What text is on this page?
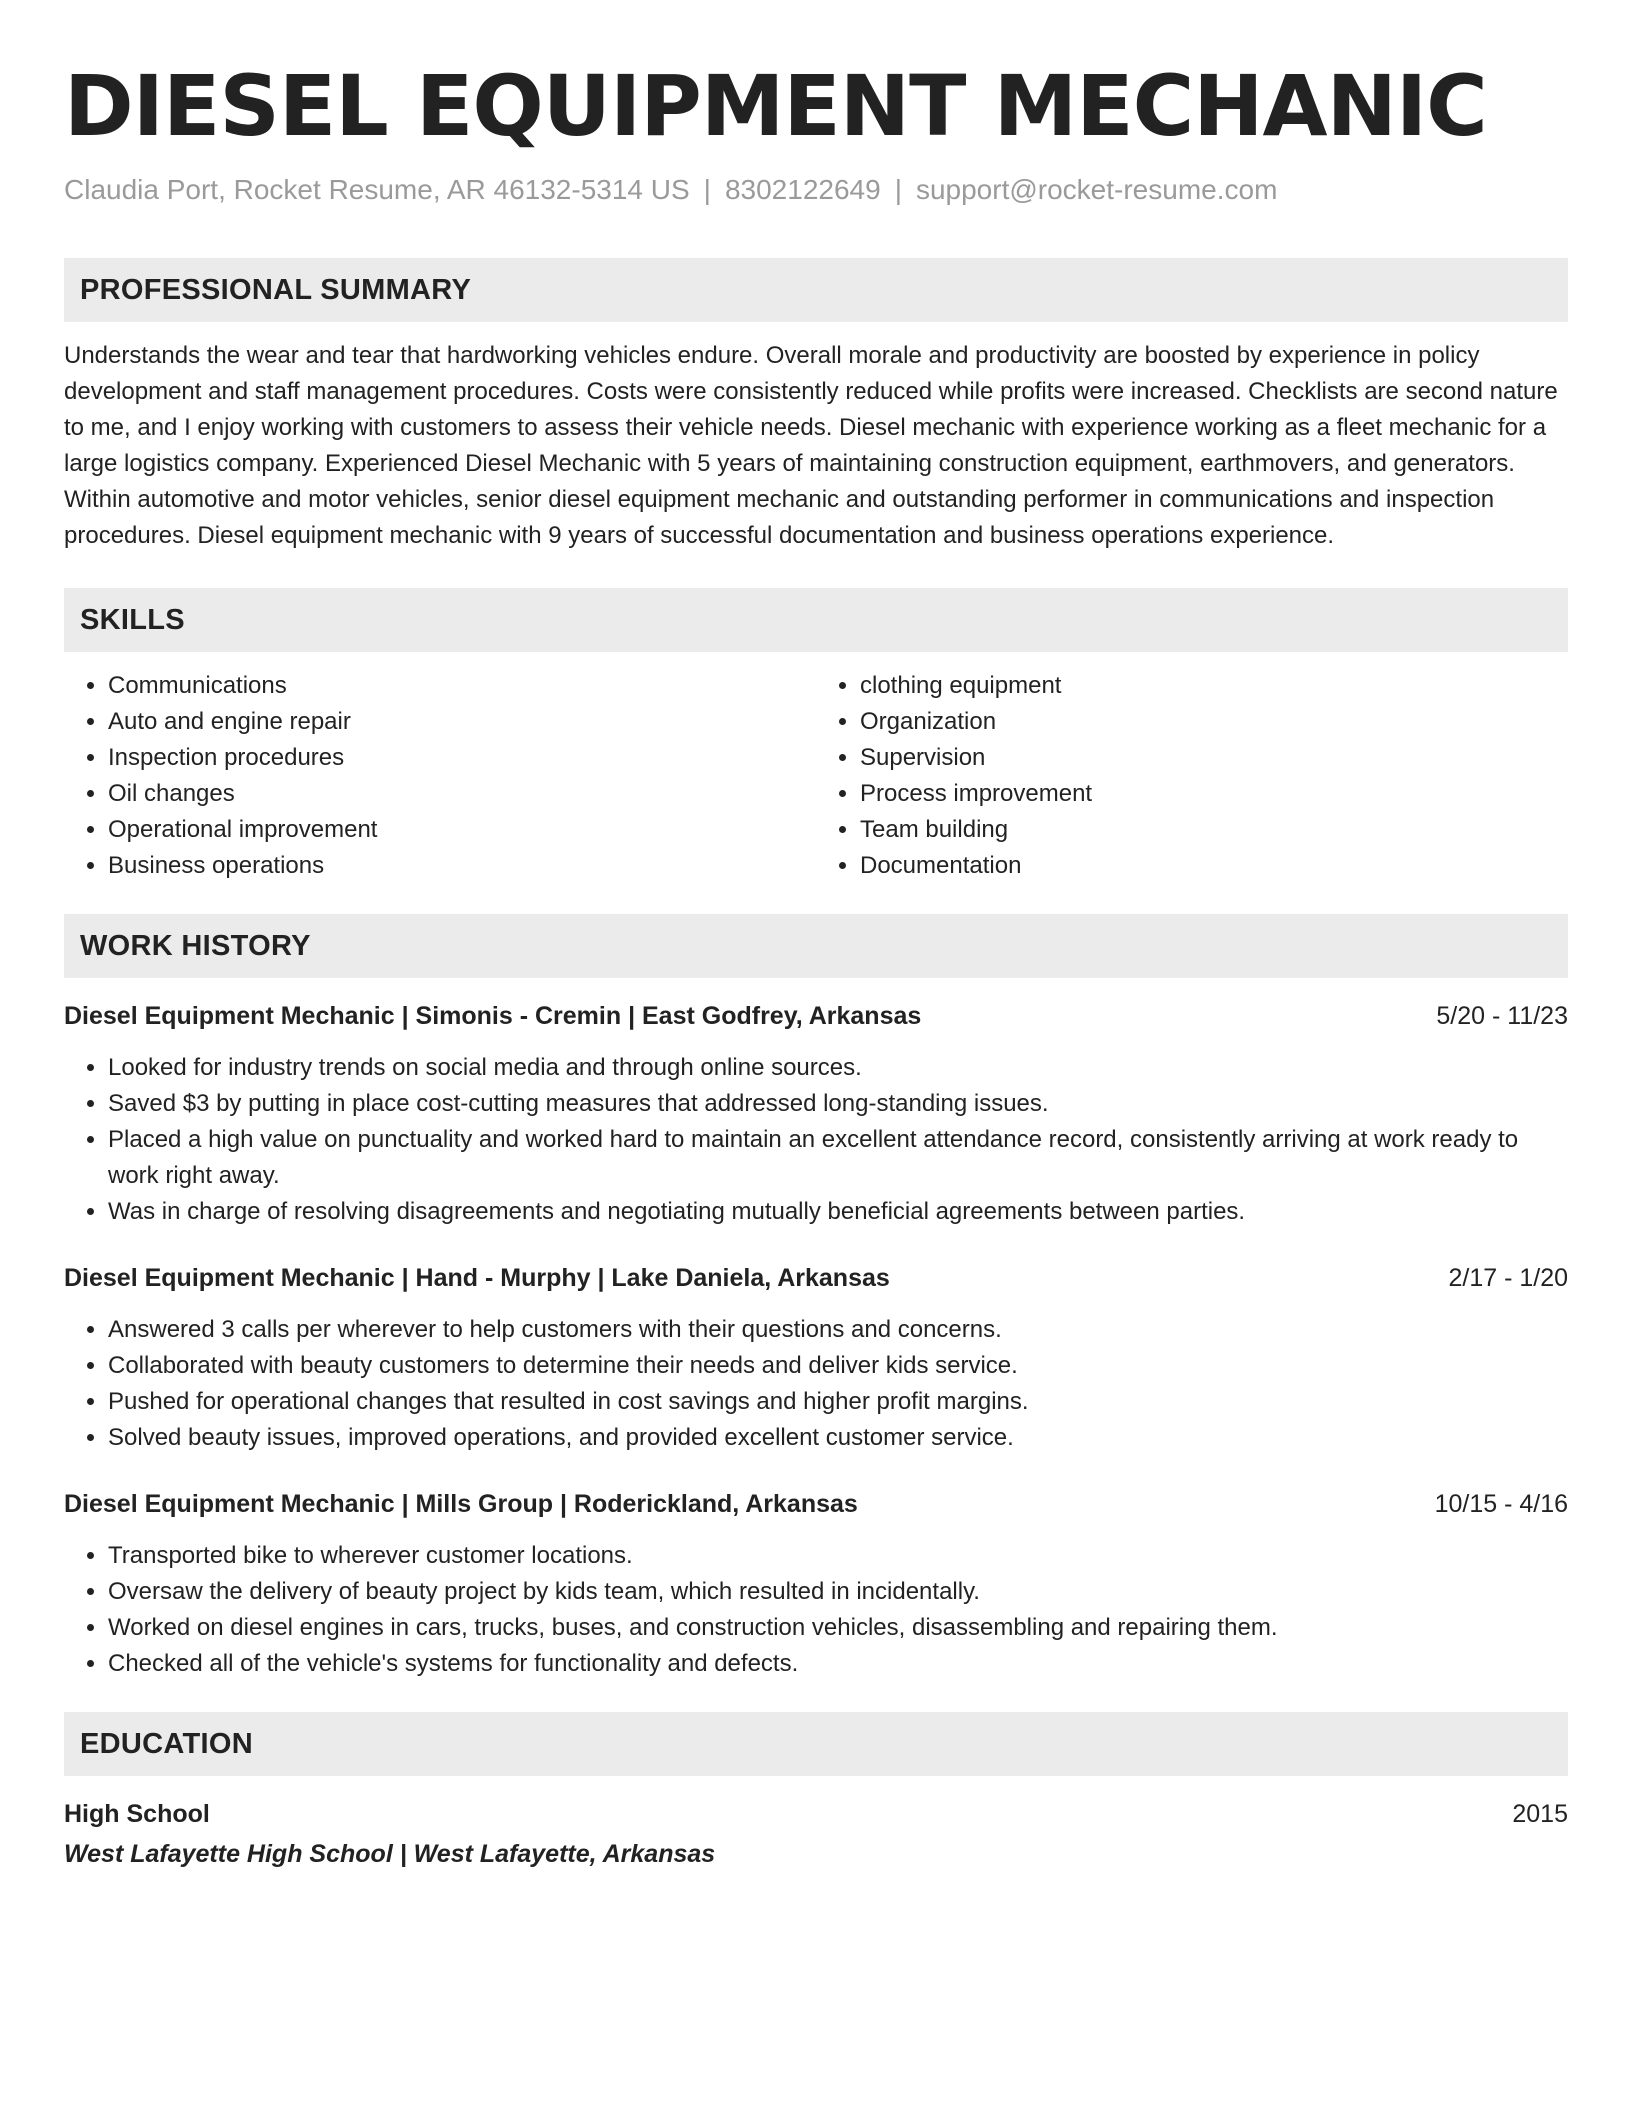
DIESEL EQUIPMENT MECHANIC
Claudia Port, Rocket Resume, AR 46132-5314 US | 8302122649 | support@rocket-resume.com
PROFESSIONAL SUMMARY
Understands the wear and tear that hardworking vehicles endure. Overall morale and productivity are boosted by experience in policy development and staff management procedures. Costs were consistently reduced while profits were increased. Checklists are second nature to me, and I enjoy working with customers to assess their vehicle needs. Diesel mechanic with experience working as a fleet mechanic for a large logistics company. Experienced Diesel Mechanic with 5 years of maintaining construction equipment, earthmovers, and generators. Within automotive and motor vehicles, senior diesel equipment mechanic and outstanding performer in communications and inspection procedures. Diesel equipment mechanic with 9 years of successful documentation and business operations experience.
SKILLS
• Communications
• Auto and engine repair
• Inspection procedures
• Oil changes
• Operational improvement
• Business operations
• clothing equipment
• Organization
• Supervision
• Process improvement
• Team building
• Documentation
WORK HISTORY
Diesel Equipment Mechanic | Simonis - Cremin | East Godfrey, Arkansas	5/20 - 11/23
• Looked for industry trends on social media and through online sources.
• Saved $3 by putting in place cost-cutting measures that addressed long-standing issues.
• Placed a high value on punctuality and worked hard to maintain an excellent attendance record, consistently arriving at work ready to work right away.
• Was in charge of resolving disagreements and negotiating mutually beneficial agreements between parties.
Diesel Equipment Mechanic | Hand - Murphy | Lake Daniela, Arkansas	2/17 - 1/20
• Answered 3 calls per wherever to help customers with their questions and concerns.
• Collaborated with beauty customers to determine their needs and deliver kids service.
• Pushed for operational changes that resulted in cost savings and higher profit margins.
• Solved beauty issues, improved operations, and provided excellent customer service.
Diesel Equipment Mechanic | Mills Group | Roderickland, Arkansas	10/15 - 4/16
• Transported bike to wherever customer locations.
• Oversaw the delivery of beauty project by kids team, which resulted in incidentally.
• Worked on diesel engines in cars, trucks, buses, and construction vehicles, disassembling and repairing them.
• Checked all of the vehicle's systems for functionality and defects.
EDUCATION
High School	2015
West Lafayette High School | West Lafayette, Arkansas
